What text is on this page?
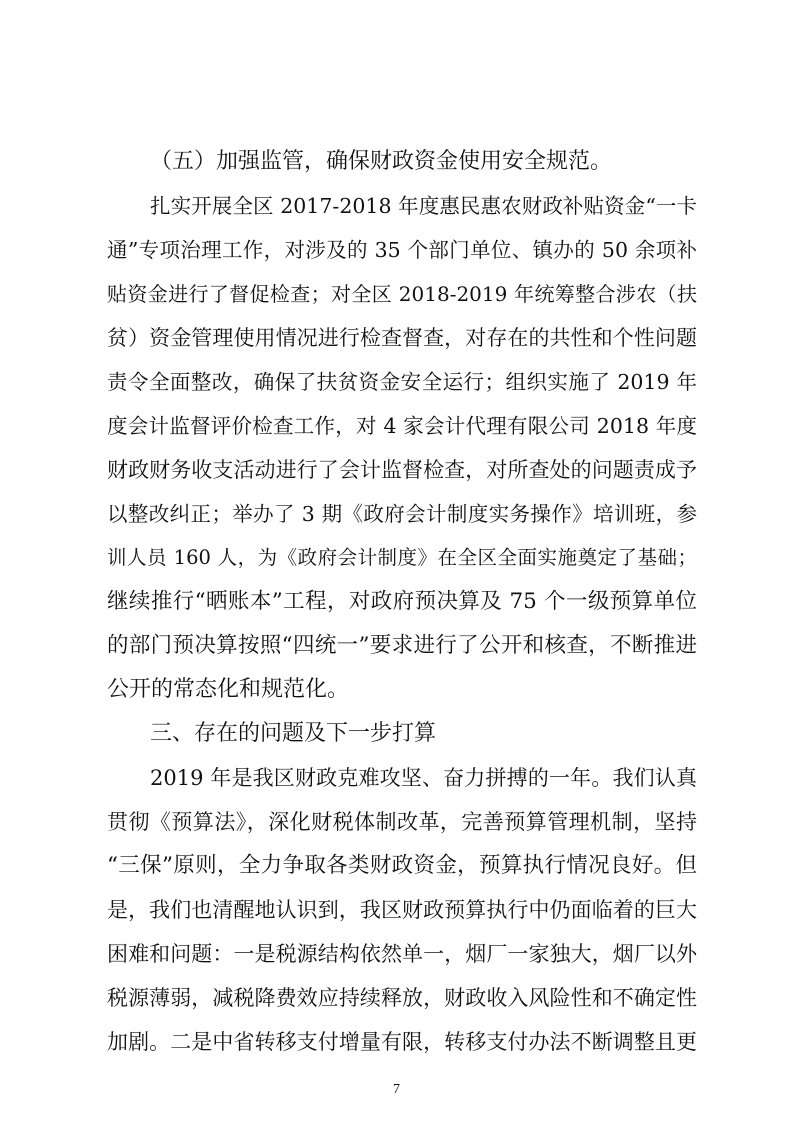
（五）加强监管，确保财政资金使用安全规范。
扎实开展全区 2017-2018 年度惠民惠农财政补贴资金“一卡
通”专项治理工作，对涉及的 35 个部门单位、镇办的 50 余项补
贴资金进行了督促检查；对全区 2018-2019 年统筹整合涉农（扶
贫）资金管理使用情况进行检查督查，对存在的共性和个性问题
责令全面整改，确保了扶贫资金安全运行；组织实施了 2019 年
度会计监督评价检查工作，对 4 家会计代理有限公司 2018 年度
财政财务收支活动进行了会计监督检查，对所查处的问题责成予
以整改纠正；举办了 3 期《政府会计制度实务操作》培训班，参
训人员 160 人，为《政府会计制度》在全区全面实施奠定了基础；
继续推行“晒账本”工程，对政府预决算及 75 个一级预算单位
的部门预决算按照“四统一”要求进行了公开和核查，不断推进
公开的常态化和规范化。
三、存在的问题及下一步打算
2019 年是我区财政克难攻坚、奋力拼搏的一年。我们认真
贯彻《预算法》，深化财税体制改革，完善预算管理机制，坚持
“三保”原则，全力争取各类财政资金，预算执行情况良好。但
是，我们也清醒地认识到，我区财政预算执行中仍面临着的巨大
困难和问题：一是税源结构依然单一，烟厂一家独大，烟厂以外
税源薄弱，减税降费效应持续释放，财政收入风险性和不确定性
加剧。二是中省转移支付增量有限，转移支付办法不断调整且更
7
